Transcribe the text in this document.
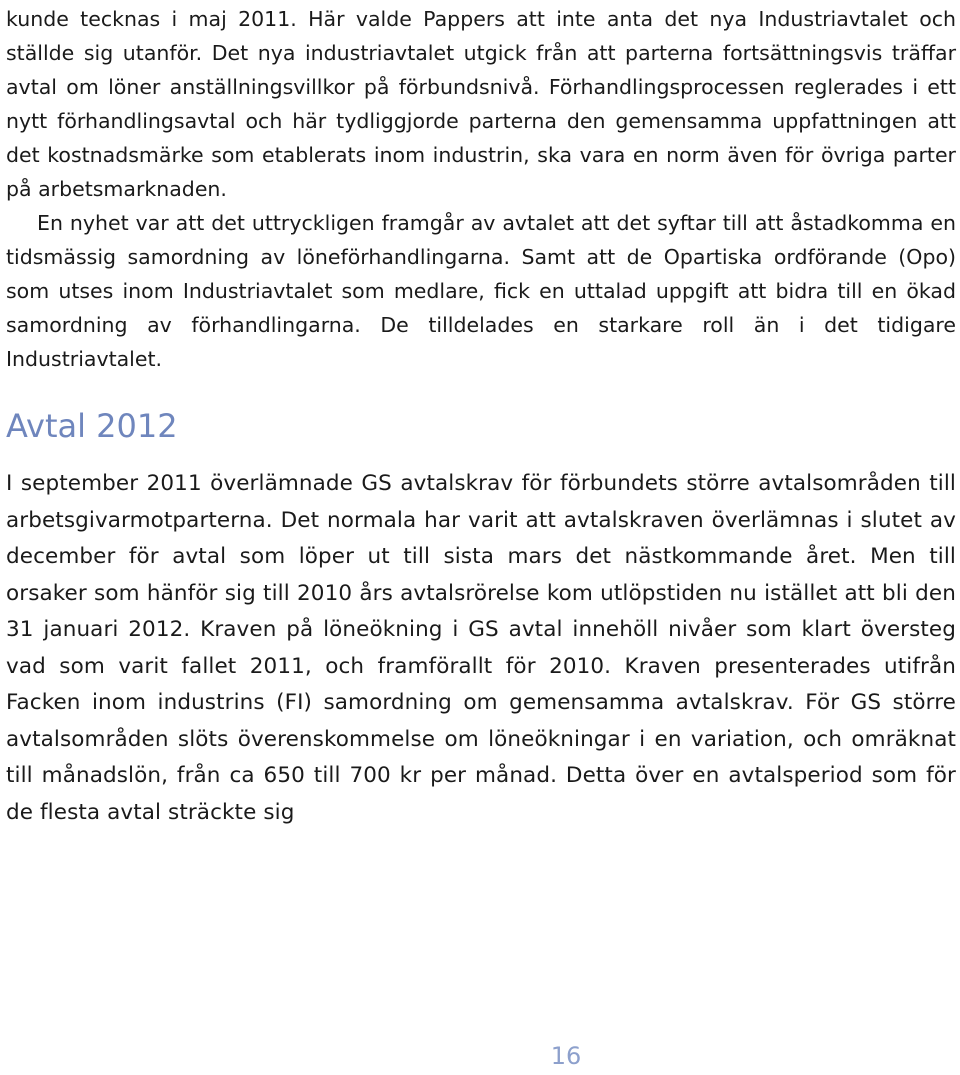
kunde tecknas i maj 2011. Här valde Pappers att inte anta det nya Industriavtalet och ställde sig utanför. Det nya industriavtalet utgick från att parterna fortsättningsvis träffar avtal om löner anställningsvillkor på förbundsnivå. Förhandlingsprocessen reglerades i ett nytt förhandlingsavtal och här tydliggjorde parterna den gemensamma uppfattningen att det kostnadsmärke som etablerats inom industrin, ska vara en norm även för övriga parter på arbetsmarknaden.

En nyhet var att det uttryckligen framgår av avtalet att det syftar till att åstadkomma en tidsmässig samordning av löneförhandlingarna. Samt att de Opartiska ordförande (Opo) som utses inom Industriavtalet som medlare, fick en uttalad uppgift att bidra till en ökad samordning av förhandlingarna. De tilldelades en starkare roll än i det tidigare Industriavtalet.

Avtal 2012

I september 2011 överlämnade GS avtalskrav för förbundets större avtalsområden till arbetsgivarmotparterna. Det normala har varit att avtalskraven överlämnas i slutet av december för avtal som löper ut till sista mars det nästkommande året. Men till orsaker som hänför sig till 2010 års avtalsrörelse kom utlöpstiden nu istället att bli den 31 januari 2012. Kraven på löneökning i GS avtal innehöll nivåer som klart översteg vad som varit fallet 2011, och framförallt för 2010. Kraven presenterades utifrån Facken inom industrins (FI) samordning om gemensamma avtalskrav. För GS större avtalsområden slöts överenskommelse om löneökningar i en variation, och omräknat till månadslön, från ca 650 till 700 kr per månad. Detta över en avtalsperiod som för de flesta avtal sträckte sig

16
